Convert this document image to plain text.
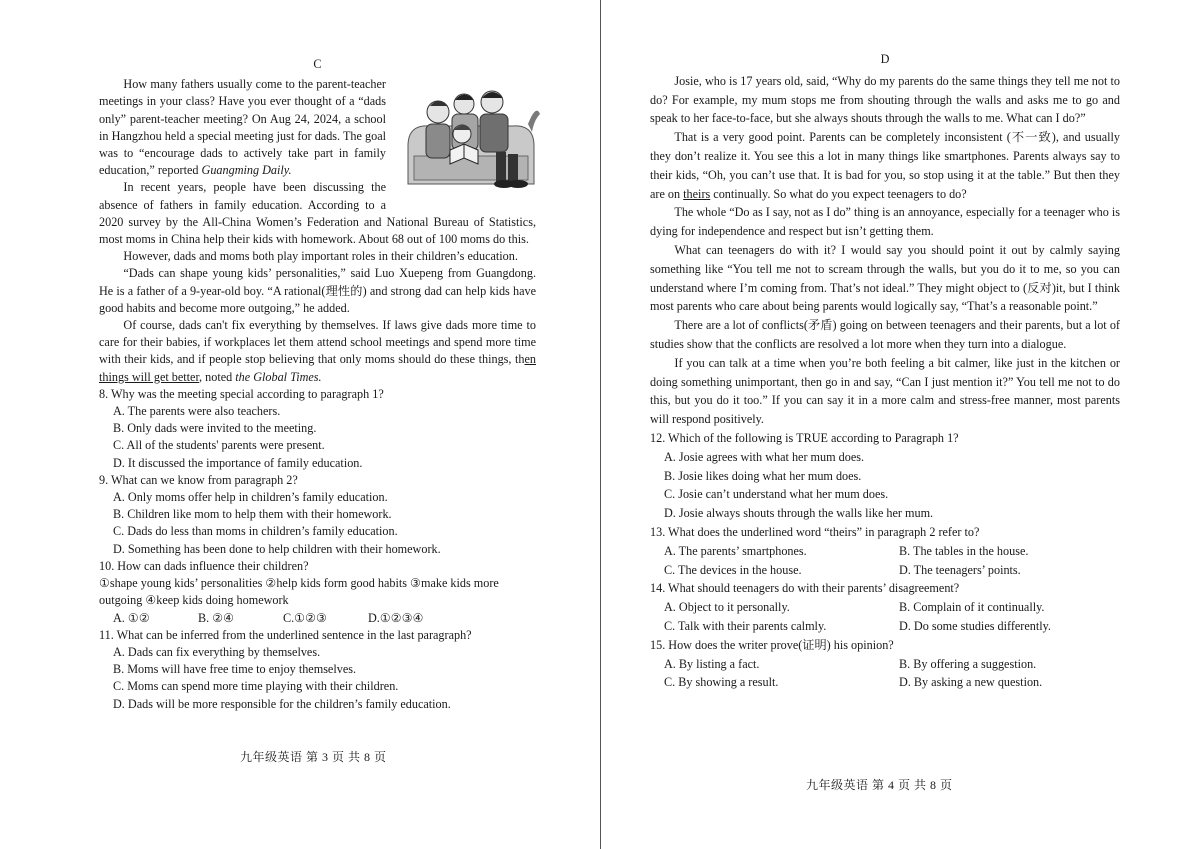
C

How many fathers usually come to the parent-teacher meetings in your class? Have you ever thought of a “dads only” parent-teacher meeting? On Aug 24, 2024, a school in Hangzhou held a special meeting just for dads. The goal was to “encourage dads to actively take part in family education,” reported Guangming Daily.

In recent years, people have been discussing the absence of fathers in family education. According to a 2020 survey by the All-China Women’s Federation and National Bureau of Statistics, most moms in China help their kids with homework. About 68 out of 100 moms do this.

However, dads and moms both play important roles in their children’s education.

“Dads can shape young kids’ personalities,” said Luo Xuepeng from Guangdong. He is a father of a 9-year-old boy. “A rational(理性的) and strong dad can help kids have good habits and become more outgoing,” he added.

Of course, dads can't fix everything by themselves. If laws give dads more time to care for their babies, if workplaces let them attend school meetings and spend more time with their kids, and if people stop believing that only moms should do these things, then things will get better, noted the Global Times.

8. Why was the meeting special according to paragraph 1?
A. The parents were also teachers.
B. Only dads were invited to the meeting.
C. All of the students' parents were present.
D. It discussed the importance of family education.
9. What can we know from paragraph 2?
A. Only moms offer help in children’s family education.
B. Children like mom to help them with their homework.
C. Dads do less than moms in children’s family education.
D. Something has been done to help children with their homework.
10. How can dads influence their children?
①shape young kids’ personalities ②help kids form good habits ③make kids more outgoing ④keep kids doing homework
A. ①②	B. ②④	C.①②③	D.①②③④
11. What can be inferred from the underlined sentence in the last paragraph?
A. Dads can fix everything by themselves.
B. Moms will have free time to enjoy themselves.
C. Moms can spend more time playing with their children.
D. Dads will be more responsible for the children’s family education.
九年级英语 第 3 页 共 8 页
D

Josie, who is 17 years old, said, “Why do my parents do the same things they tell me not to do? For example, my mum stops me from shouting through the walls and asks me to go and speak to her face-to-face, but she always shouts through the walls to me. What can I do?”

That is a very good point. Parents can be completely inconsistent (不一致), and usually they don’t realize it. You see this a lot in many things like smartphones. Parents always say to their kids, “Oh, you can’t use that. It is bad for you, so stop using it at the table.” But then they are on theirs continually. So what do you expect teenagers to do?

The whole “Do as I say, not as I do” thing is an annoyance, especially for a teenager who is dying for independence and respect but isn’t getting them.

What can teenagers do with it? I would say you should point it out by calmly saying something like “You tell me not to scream through the walls, but you do it to me, so you can understand where I’m coming from. That’s not ideal.” They might object to (反对)it, but I think most parents who care about being parents would logically say, “That’s a reasonable point.”

There are a lot of conflicts(矛盾) going on between teenagers and their parents, but a lot of studies show that the conflicts are resolved a lot more when they turn into a dialogue.

If you can talk at a time when you’re both feeling a bit calmer, like just in the kitchen or doing something unimportant, then go in and say, “Can I just mention it?” You tell me not to do this, but you do it too.” If you can say it in a more calm and stress-free manner, most parents will respond positively.

12. Which of the following is TRUE according to Paragraph 1?
A. Josie agrees with what her mum does.
B. Josie likes doing what her mum does.
C. Josie can’t understand what her mum does.
D. Josie always shouts through the walls like her mum.
13. What does the underlined word “theirs” in paragraph 2 refer to?
A. The parents’ smartphones.	B. The tables in the house.
C. The devices in the house.	D. The teenagers’ points.
14. What should teenagers do with their parents’ disagreement?
A. Object to it personally.	B. Complain of it continually.
C. Talk with their parents calmly.	D. Do some studies differently.
15. How does the writer prove(证明) his opinion?
A. By listing a fact.	B. By offering a suggestion.
C. By showing a result.	D. By asking a new question.
九年级英语 第 4 页 共 8 页
